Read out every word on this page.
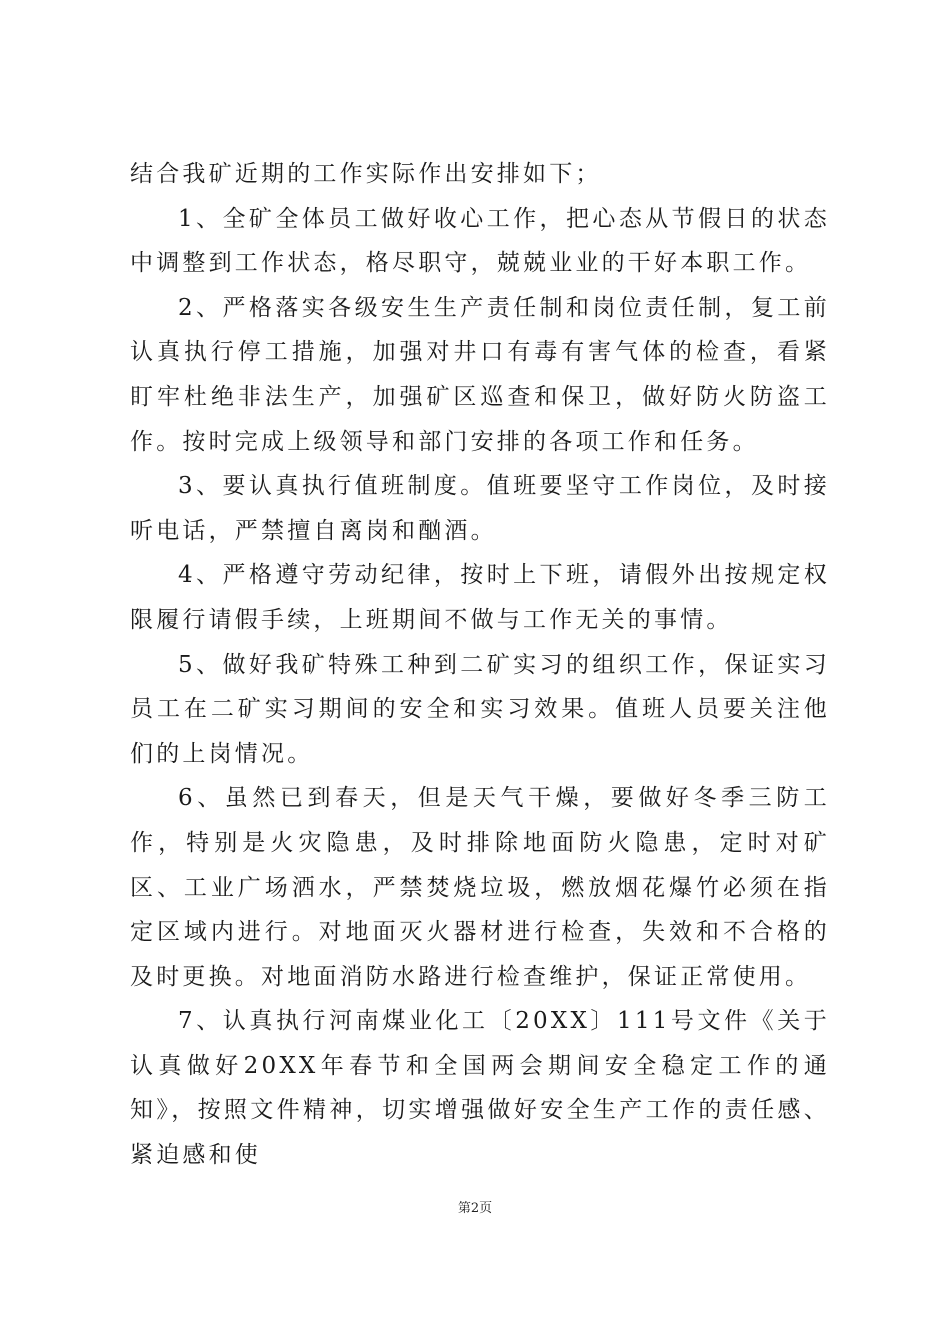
结合我矿近期的工作实际作出安排如下；

1、全矿全体员工做好收心工作，把心态从节假日的状态中调整到工作状态，格尽职守，兢兢业业的干好本职工作。

2、严格落实各级安生生产责任制和岗位责任制，复工前认真执行停工措施，加强对井口有毒有害气体的检查，看紧盯牢杜绝非法生产，加强矿区巡查和保卫，做好防火防盗工作。按时完成上级领导和部门安排的各项工作和任务。

3、要认真执行值班制度。值班要坚守工作岗位，及时接听电话，严禁擅自离岗和酗酒。

4、严格遵守劳动纪律，按时上下班，请假外出按规定权限履行请假手续，上班期间不做与工作无关的事情。

5、做好我矿特殊工种到二矿实习的组织工作，保证实习员工在二矿实习期间的安全和实习效果。值班人员要关注他们的上岗情况。

6、虽然已到春天，但是天气干燥，要做好冬季三防工作，特别是火灾隐患，及时排除地面防火隐患，定时对矿区、工业广场洒水，严禁焚烧垃圾，燃放烟花爆竹必须在指定区域内进行。对地面灭火器材进行检查，失效和不合格的及时更换。对地面消防水路进行检查维护，保证正常使用。

7、认真执行河南煤业化工〔20XX〕111号文件《关于认真做好20XX年春节和全国两会期间安全稳定工作的通知》，按照文件精神，切实增强做好安全生产工作的责任感、紧迫感和使

第2页
